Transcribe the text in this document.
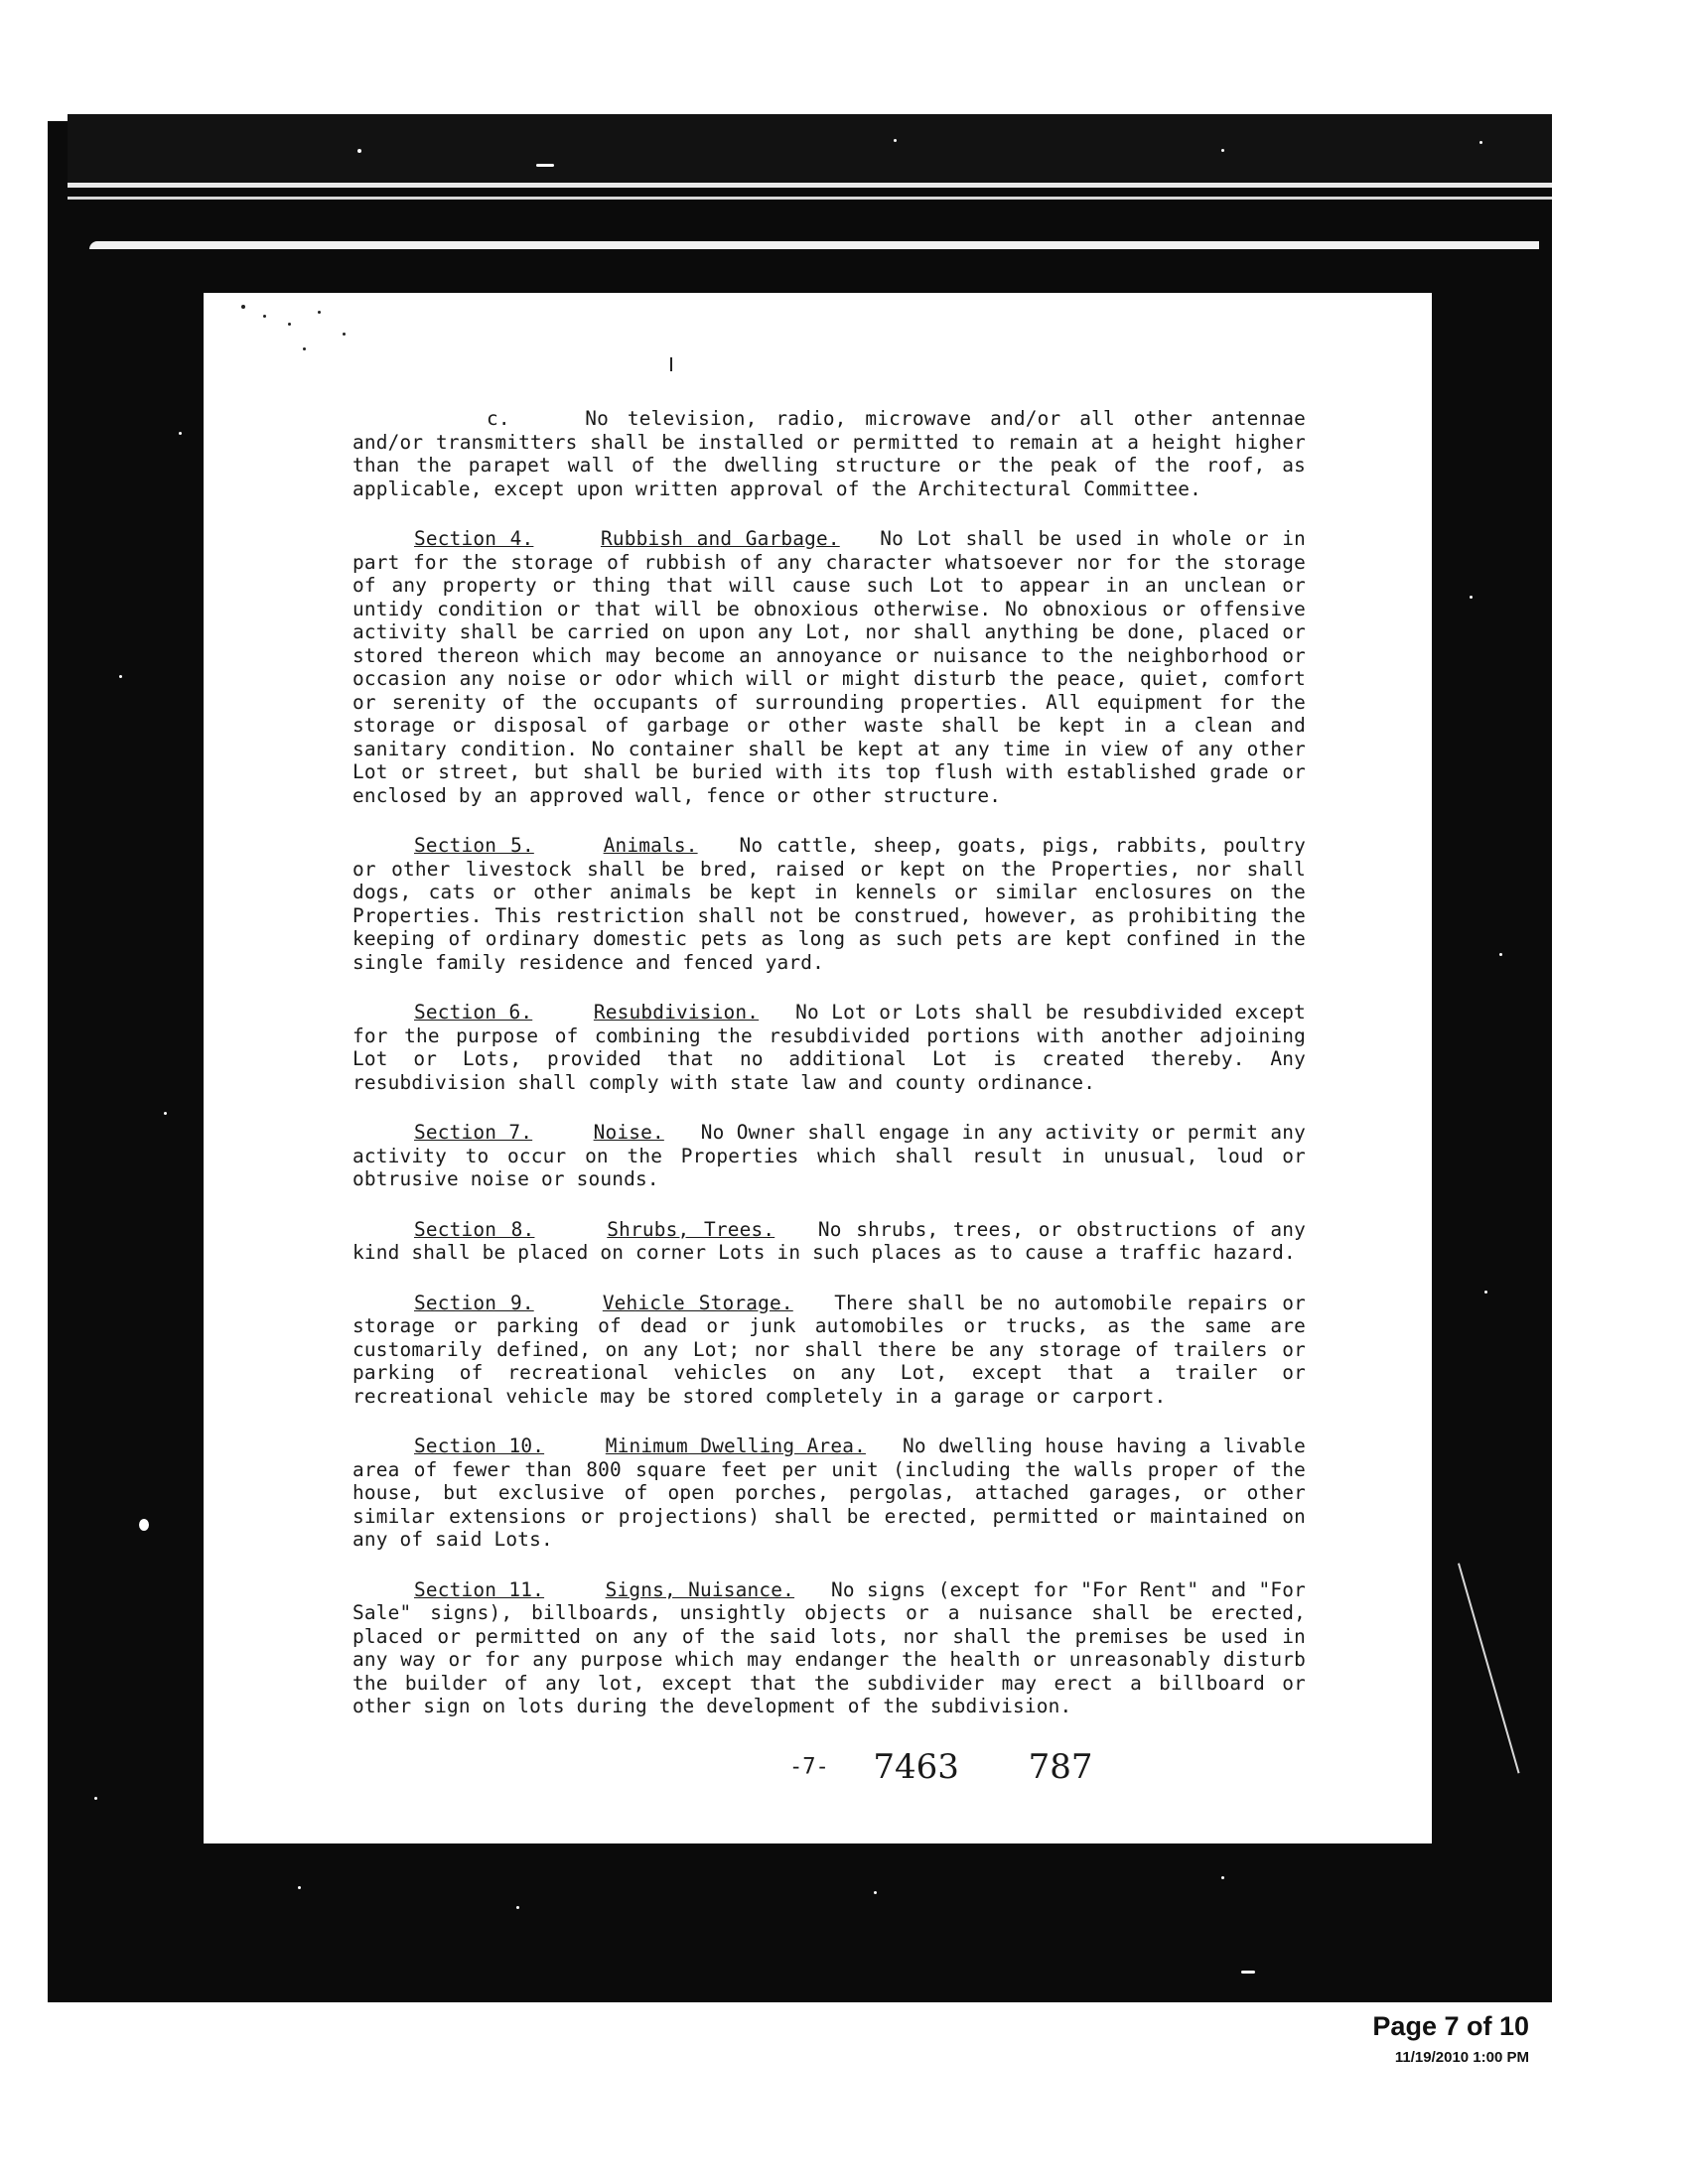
c.	No television, radio, microwave and/or all other antennae and/or transmitters shall be installed or permitted to remain at a height higher than the parapet wall of the dwelling structure or the peak of the roof, as applicable, except upon written approval of the Architectural Committee.

Section 4.	Rubbish and Garbage. No Lot shall be used in whole or in part for the storage of rubbish of any character whatsoever nor for the storage of any property or thing that will cause such Lot to appear in an unclean or untidy condition or that will be obnoxious otherwise. No obnoxious or offensive activity shall be carried on upon any Lot, nor shall anything be done, placed or stored thereon which may become an annoyance or nuisance to the neighborhood or occasion any noise or odor which will or might disturb the peace, quiet, comfort or serenity of the occupants of surrounding properties. All equipment for the storage or disposal of garbage or other waste shall be kept in a clean and sanitary condition. No container shall be kept at any time in view of any other Lot or street, but shall be buried with its top flush with established grade or enclosed by an approved wall, fence or other structure.

Section 5.	Animals. No cattle, sheep, goats, pigs, rabbits, poultry or other livestock shall be bred, raised or kept on the Properties, nor shall dogs, cats or other animals be kept in kennels or similar enclosures on the Properties. This restriction shall not be construed, however, as prohibiting the keeping of ordinary domestic pets as long as such pets are kept confined in the single family residence and fenced yard.

Section 6.	Resubdivision. No Lot or Lots shall be resubdivided except for the purpose of combining the resubdivided portions with another adjoining Lot or Lots, provided that no additional Lot is created thereby. Any resubdivision shall comply with state law and county ordinance.

Section 7.	Noise. No Owner shall engage in any activity or permit any activity to occur on the Properties which shall result in unusual, loud or obtrusive noise or sounds.

Section 8.	Shrubs, Trees. No shrubs, trees, or obstructions of any kind shall be placed on corner Lots in such places as to cause a traffic hazard.

Section 9.	Vehicle Storage. There shall be no automobile repairs or storage or parking of dead or junk automobiles or trucks, as the same are customarily defined, on any Lot; nor shall there be any storage of trailers or parking of recreational vehicles on any Lot, except that a trailer or recreational vehicle may be stored completely in a garage or carport.

Section 10.	Minimum Dwelling Area. No dwelling house having a livable area of fewer than 800 square feet per unit (including the walls proper of the house, but exclusive of open porches, pergolas, attached garages, or other similar extensions or projections) shall be erected, permitted or maintained on any of said Lots.

Section 11.	Signs, Nuisance. No signs (except for "For Rent" and "For Sale" signs), billboards, unsightly objects or a nuisance shall be erected, placed or permitted on any of the said lots, nor shall the premises be used in any way or for any purpose which may endanger the health or unreasonably disturb the builder of any lot, except that the subdivider may erect a billboard or other sign on lots during the development of the subdivision.

-7- 7463 787
Page 7 of 10
11/19/2010 1:00 PM
